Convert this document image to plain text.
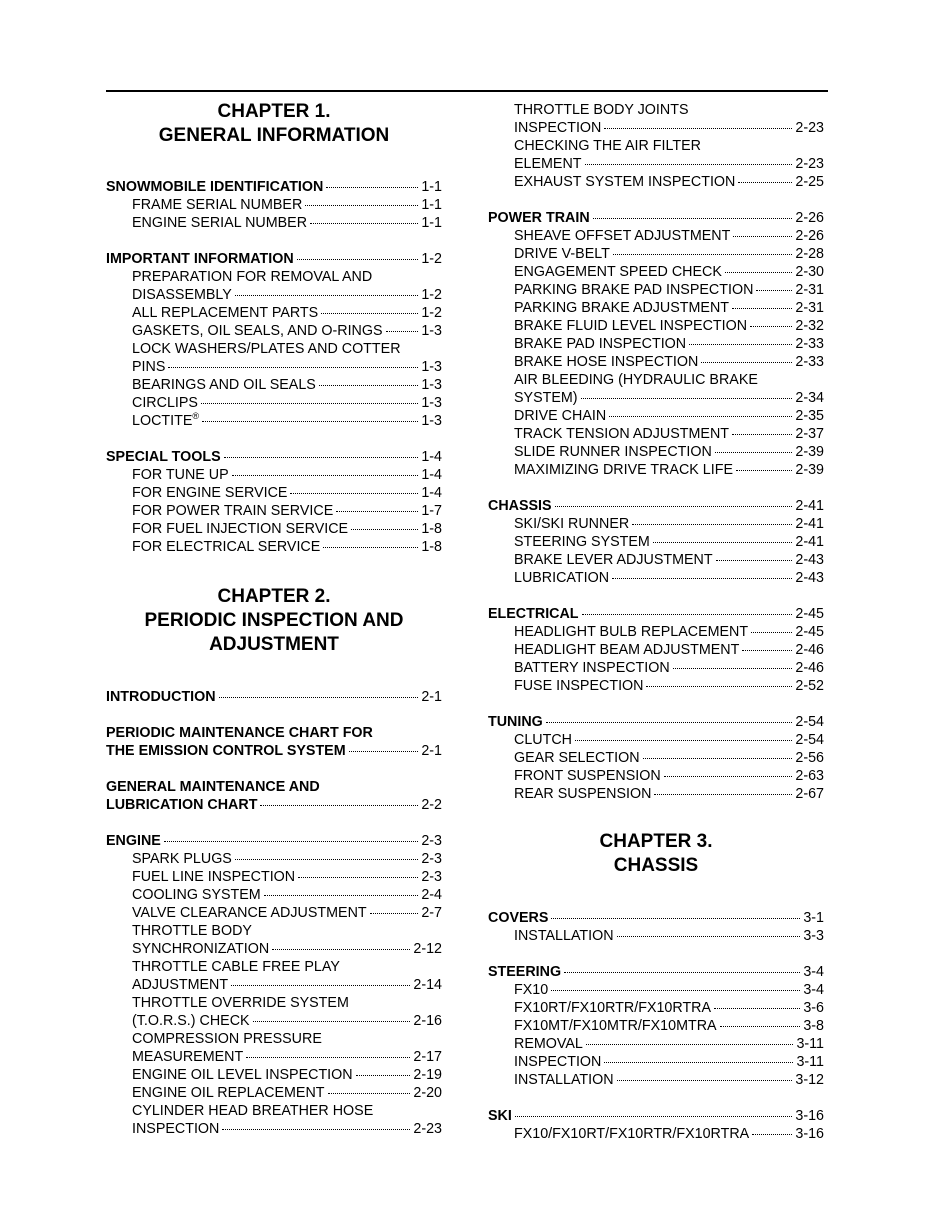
CHAPTER 1.
GENERAL INFORMATION
SNOWMOBILE IDENTIFICATION	1-1
FRAME SERIAL NUMBER	1-1
ENGINE SERIAL NUMBER	1-1
IMPORTANT INFORMATION	1-2
PREPARATION FOR REMOVAL AND
DISASSEMBLY	1-2
ALL REPLACEMENT PARTS	1-2
GASKETS, OIL SEALS, AND O-RINGS	1-3
LOCK WASHERS/PLATES AND COTTER
PINS	1-3
BEARINGS AND OIL SEALS	1-3
CIRCLIPS	1-3
LOCTITE®	1-3
SPECIAL TOOLS	1-4
FOR TUNE UP	1-4
FOR ENGINE SERVICE	1-4
FOR POWER TRAIN SERVICE	1-7
FOR FUEL INJECTION SERVICE	1-8
FOR ELECTRICAL SERVICE	1-8
CHAPTER 2.
PERIODIC INSPECTION AND
ADJUSTMENT
INTRODUCTION	2-1
PERIODIC MAINTENANCE CHART FOR
THE EMISSION CONTROL SYSTEM	2-1
GENERAL MAINTENANCE AND
LUBRICATION CHART	2-2
ENGINE	2-3
SPARK PLUGS	2-3
FUEL LINE INSPECTION	2-3
COOLING SYSTEM	2-4
VALVE CLEARANCE ADJUSTMENT	2-7
THROTTLE BODY
SYNCHRONIZATION	2-12
THROTTLE CABLE FREE PLAY
ADJUSTMENT	2-14
THROTTLE OVERRIDE SYSTEM
(T.O.R.S.) CHECK	2-16
COMPRESSION PRESSURE
MEASUREMENT	2-17
ENGINE OIL LEVEL INSPECTION	2-19
ENGINE OIL REPLACEMENT	2-20
CYLINDER HEAD BREATHER HOSE
INSPECTION	2-23
THROTTLE BODY JOINTS
INSPECTION	2-23
CHECKING THE AIR FILTER
ELEMENT	2-23
EXHAUST SYSTEM INSPECTION	2-25
POWER TRAIN	2-26
SHEAVE OFFSET ADJUSTMENT	2-26
DRIVE V-BELT	2-28
ENGAGEMENT SPEED CHECK	2-30
PARKING BRAKE PAD INSPECTION	2-31
PARKING BRAKE ADJUSTMENT	2-31
BRAKE FLUID LEVEL INSPECTION	2-32
BRAKE PAD INSPECTION	2-33
BRAKE HOSE INSPECTION	2-33
AIR BLEEDING (HYDRAULIC BRAKE
SYSTEM)	2-34
DRIVE CHAIN	2-35
TRACK TENSION ADJUSTMENT	2-37
SLIDE RUNNER INSPECTION	2-39
MAXIMIZING DRIVE TRACK LIFE	2-39
CHASSIS	2-41
SKI/SKI RUNNER	2-41
STEERING SYSTEM	2-41
BRAKE LEVER ADJUSTMENT	2-43
LUBRICATION	2-43
ELECTRICAL	2-45
HEADLIGHT BULB REPLACEMENT	2-45
HEADLIGHT BEAM ADJUSTMENT	2-46
BATTERY INSPECTION	2-46
FUSE INSPECTION	2-52
TUNING	2-54
CLUTCH	2-54
GEAR SELECTION	2-56
FRONT SUSPENSION	2-63
REAR SUSPENSION	2-67
CHAPTER 3.
CHASSIS
COVERS	3-1
INSTALLATION	3-3
STEERING	3-4
FX10	3-4
FX10RT/FX10RTR/FX10RTRA	3-6
FX10MT/FX10MTR/FX10MTRA	3-8
REMOVAL	3-11
INSPECTION	3-11
INSTALLATION	3-12
SKI	3-16
FX10/FX10RT/FX10RTR/FX10RTRA	3-16
